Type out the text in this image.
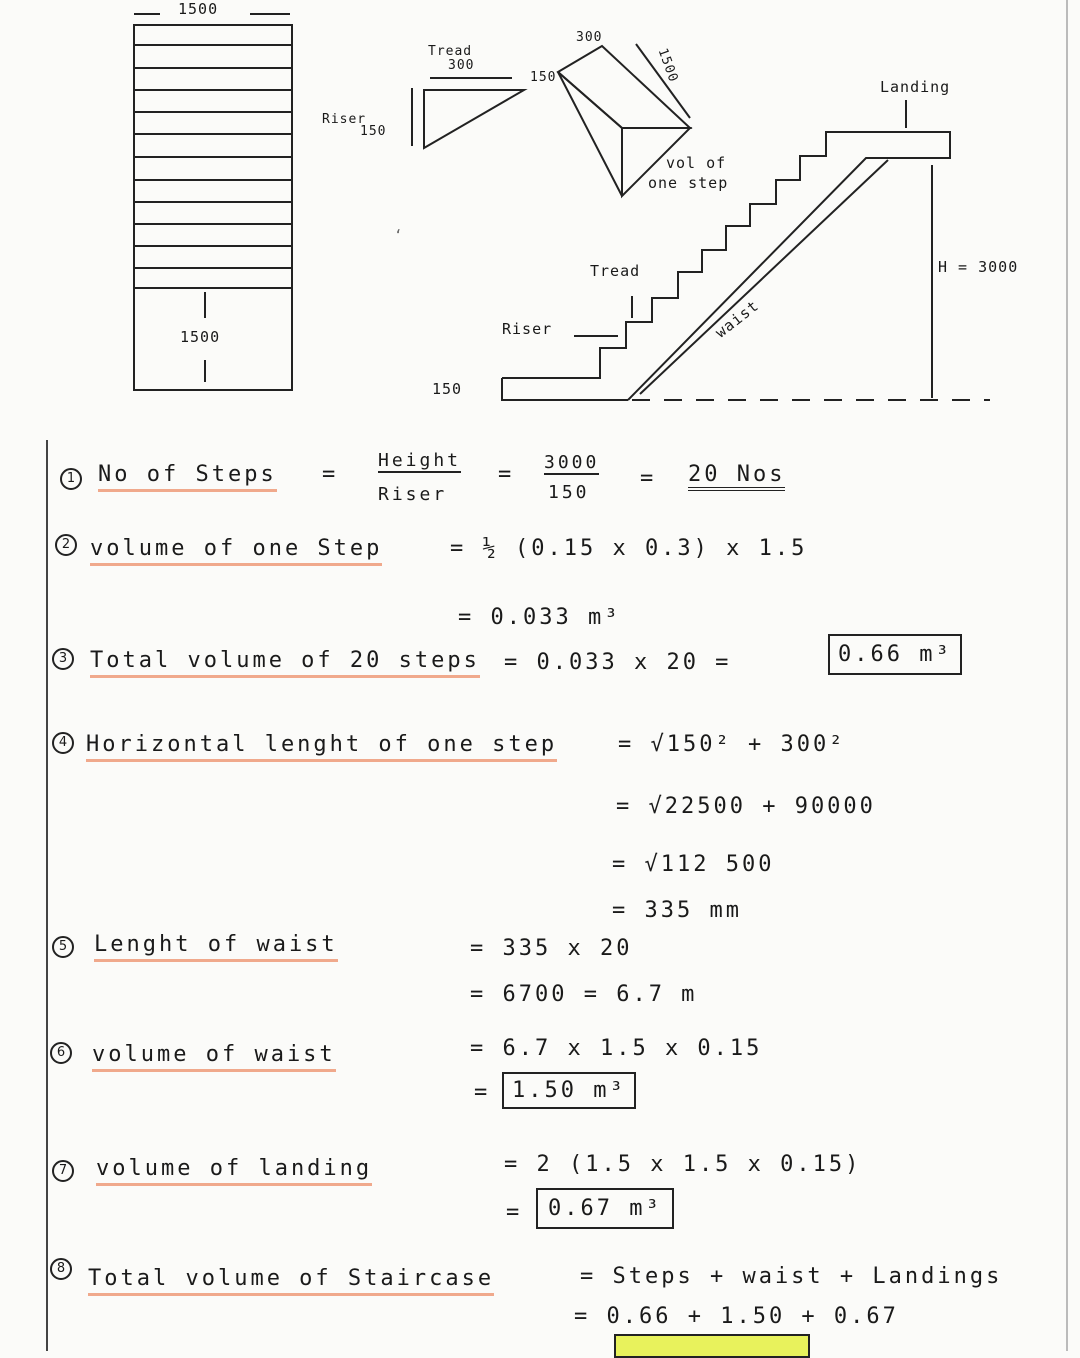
‘
1500
1500
Tread
300
Riser
150
300
150	1500
vol of
one step
Landing
H = 3000
Tread
Riser	waist
150
1	No of Steps =
Height
Riser
= 3000
150
= 20 Nos
2 volume of one Step	= ½ (0.15 x 0.3) x 1.5
= 0.033 m³
3	Total volume of 20 steps = 0.033 x 20 =	0.66 m³
4 Horizontal lenght of one step	= √150² + 300²
= √22500 + 90000
= √112 500
= 335 mm
5	Lenght of waist	= 335 x 20
= 6700 = 6.7 m
6	volume of waist	= 6.7 x 1.5 x 0.15
= 1.50 m³
7	volume of landing	= 2 (1.5 x 1.5 x 0.15)
=	0.67 m³
8	Total volume of Staircase	= Steps + waist + Landings
= 0.66 + 1.50 + 0.67
